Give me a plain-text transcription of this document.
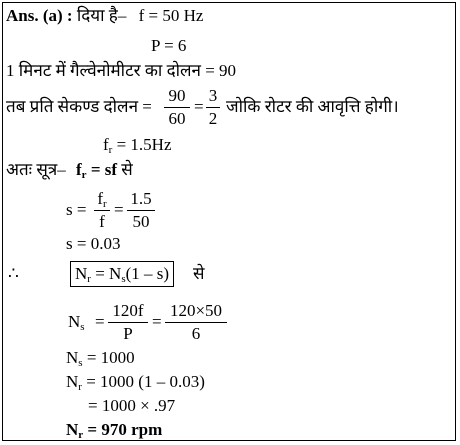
Ans. (a) : दिया है– f = 50 Hz
P = 6
1 मिनट में गैल्वेनोमीटर का दोलन = 90
तब प्रति सेकण्ड दोलन =
90
60
=
3
2
जोकि रोटर की आवृत्ति होगी।
$f_r = 1.5Hz$
अतः सूत्र– $f_r$ = sf से
s =
$f_r$
f
=
1.5
50
s = 0.03
∴	$N_r = N_s(1 - s)$ से
$N_s$ =
120f
P
=
120×50
6
$N_s = 1000$
$N_r = 1000$ (1 – 0.03)
= 1000 × .97
$N_r = 970$ rpm
